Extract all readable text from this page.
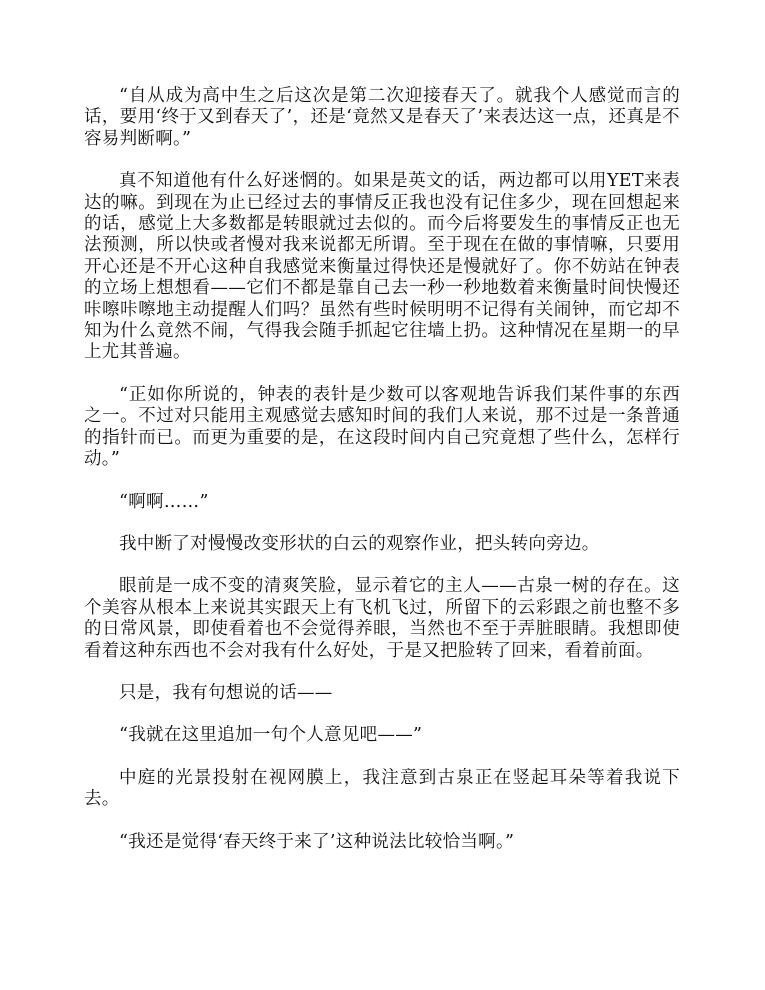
“自从成为高中生之后这次是第二次迎接春天了。就我个人感觉而言的话，要用‘终于又到春天了’，还是‘竟然又是春天了’来表达这一点，还真是不容易判断啊。”

真不知道他有什么好迷惘的。如果是英文的话，两边都可以用YET来表达的嘛。到现在为止已经过去的事情反正我也没有记住多少，现在回想起来的话，感觉上大多数都是转眼就过去似的。而今后将要发生的事情反正也无法预测，所以快或者慢对我来说都无所谓。至于现在在做的事情嘛，只要用开心还是不开心这种自我感觉来衡量过得快还是慢就好了。你不妨站在钟表的立场上想想看——它们不都是靠自己去一秒一秒地数着来衡量时间快慢还咔嚓咔嚓地主动提醒人们吗？虽然有些时候明明不记得有关闹钟，而它却不知为什么竟然不闹，气得我会随手抓起它往墙上扔。这种情况在星期一的早上尤其普遍。

“正如你所说的，钟表的表针是少数可以客观地告诉我们某件事的东西之一。不过对只能用主观感觉去感知时间的我们人来说，那不过是一条普通的指针而已。而更为重要的是，在这段时间内自己究竟想了些什么，怎样行动。”

“啊啊……”

我中断了对慢慢改变形状的白云的观察作业，把头转向旁边。

眼前是一成不变的清爽笑脸，显示着它的主人——古泉一树的存在。这个美容从根本上来说其实跟天上有飞机飞过，所留下的云彩跟之前也整不多的日常风景，即使看着也不会觉得养眼，当然也不至于弄脏眼睛。我想即使看着这种东西也不会对我有什么好处，于是又把脸转了回来，看着前面。

只是，我有句想说的话——

“我就在这里追加一句个人意见吧——”

中庭的光景投射在视网膜上，我注意到古泉正在竖起耳朵等着我说下去。

“我还是觉得‘春天终于来了’这种说法比较恰当啊。”
